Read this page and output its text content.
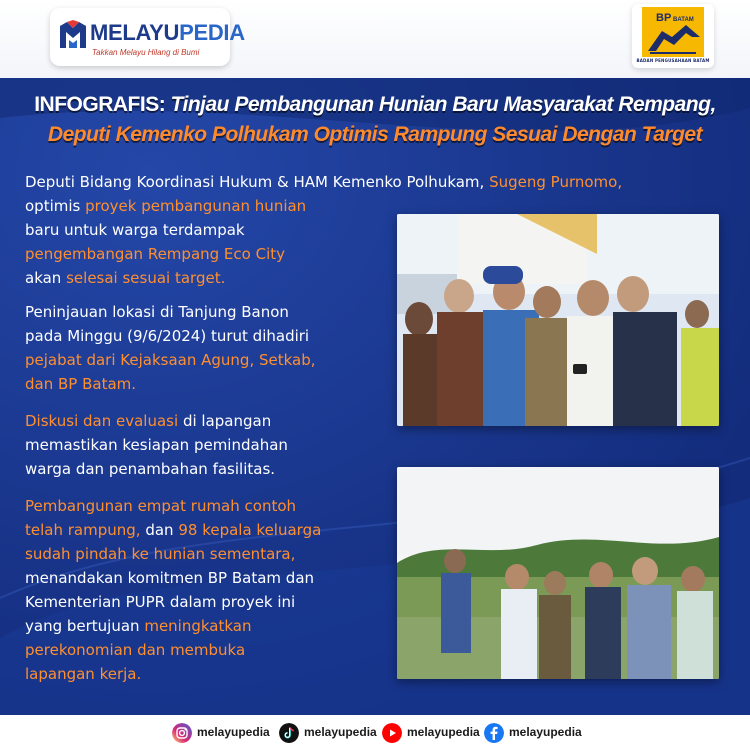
MELAYUPEDIA
Takkan Melayu Hilang di Bumi
BP BATAM
BADAN PENGUSAHAAN BATAM
INFOGRAFIS: Tinjau Pembangunan Hunian Baru Masyarakat Rempang,
Deputi Kemenko Polhukam Optimis Rampung Sesuai Dengan Target
Deputi Bidang Koordinasi Hukum & HAM Kemenko Polhukam, Sugeng Purnomo,
optimis proyek pembangunan hunian
baru untuk warga terdampak
pengembangan Rempang Eco City
akan selesai sesuai target.
Peninjauan lokasi di Tanjung Banon
pada Minggu (9/6/2024) turut dihadiri
pejabat dari Kejaksaan Agung, Setkab,
dan BP Batam.
Diskusi dan evaluasi di lapangan
memastikan kesiapan pemindahan
warga dan penambahan fasilitas.
Pembangunan empat rumah contoh
telah rampung, dan 98 kepala keluarga
sudah pindah ke hunian sementara,
menandakan komitmen BP Batam dan
Kementerian PUPR dalam proyek ini
yang bertujuan meningkatkan
perekonomian dan membuka
lapangan kerja.
melayupedia	melayupedia	melayupedia melayupedia
